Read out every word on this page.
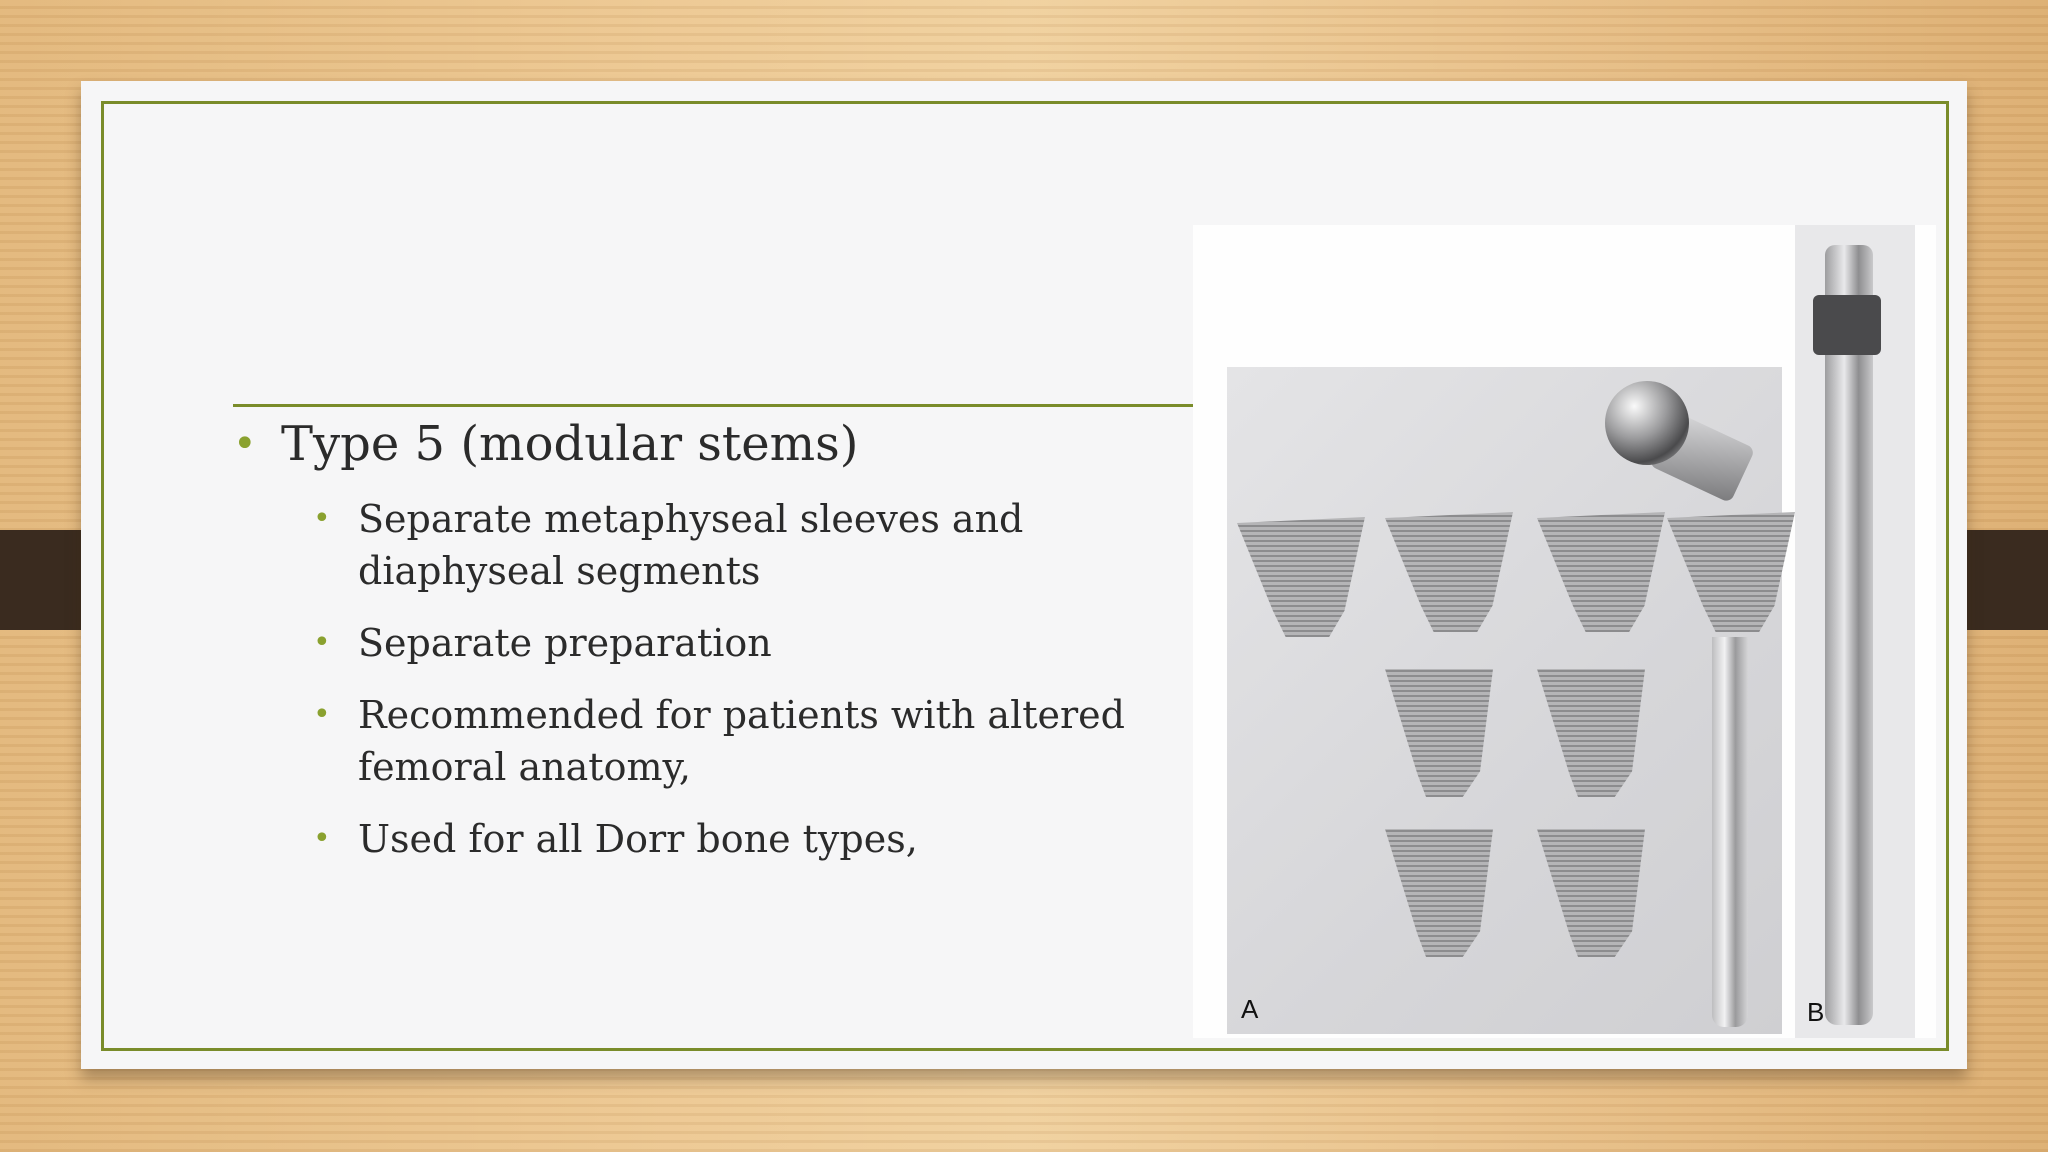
• Type 5 (modular stems)
• Separate metaphyseal sleeves and diaphyseal segments
• Separate preparation
• Recommended for patients with altered femoral anatomy,
• Used for all Dorr bone types,
A	B
